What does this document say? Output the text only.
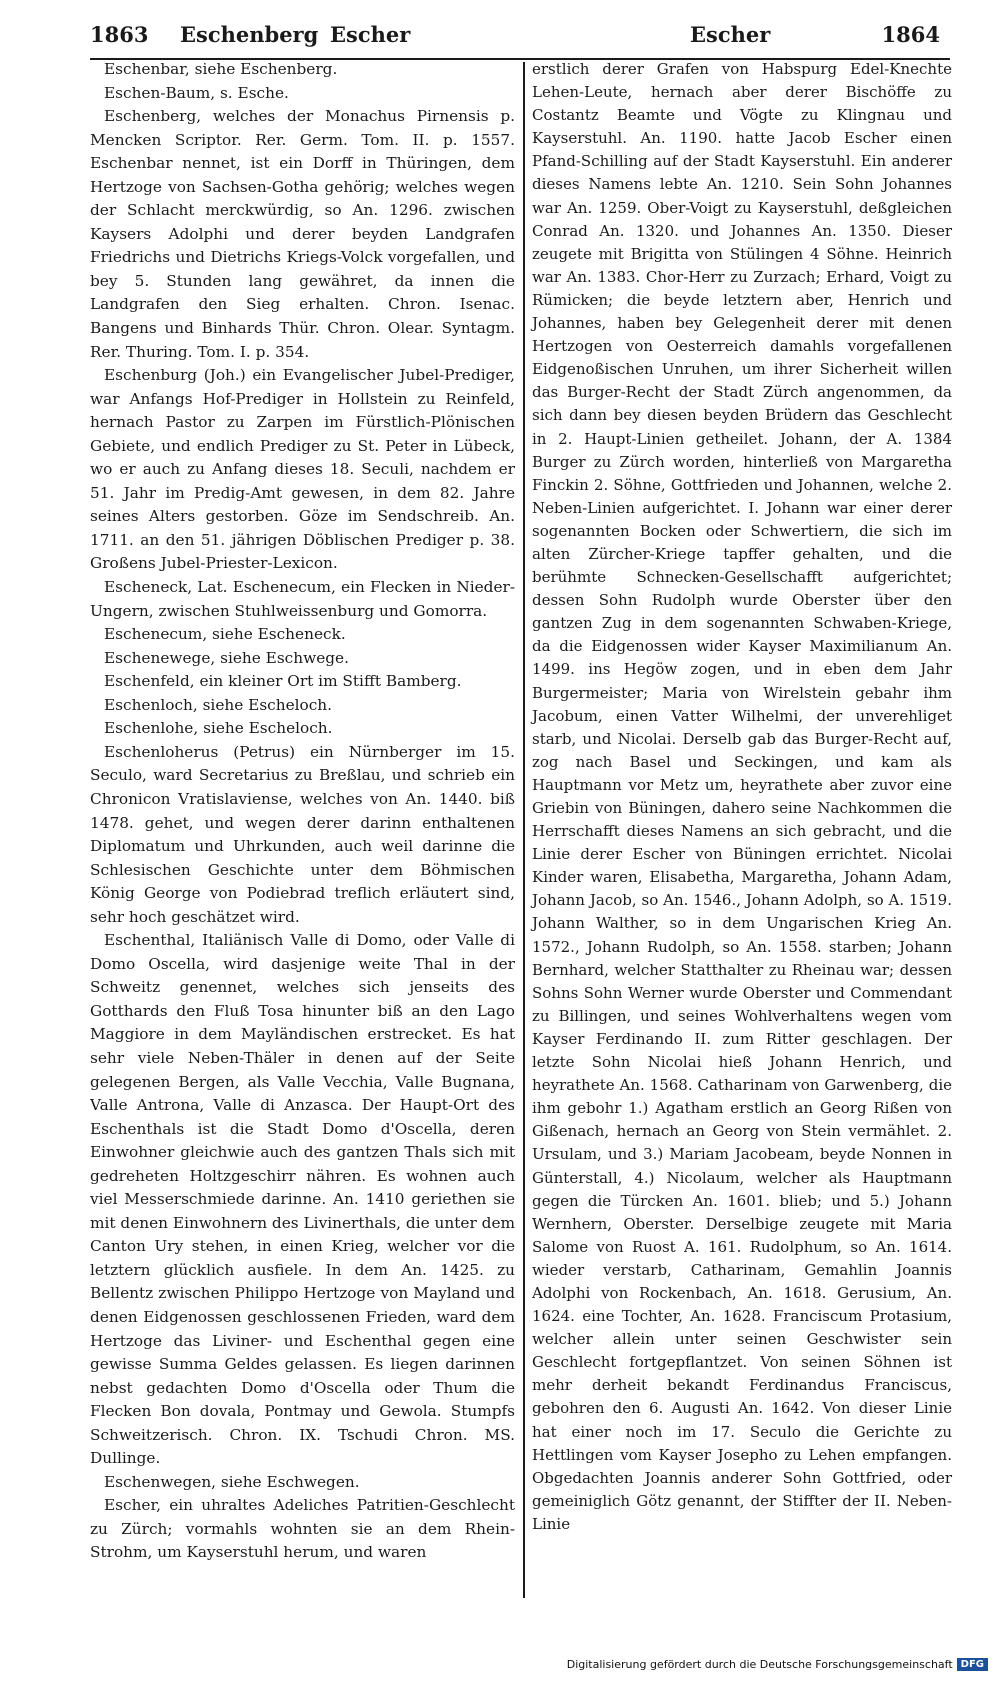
1863 Eschenberg Escher	Escher	1864

Eschenbar, siehe Eschenberg.

Eschen-Baum, s. Esche.

Eschenberg, welches der Monachus Pirnensis p. Mencken Scriptor. Rer. Germ. Tom. II. p. 1557. Eschenbar nennet, ist ein Dorff in Thüringen, dem Hertzoge von Sachsen-Gotha gehörig; welches wegen der Schlacht merckwürdig, so An. 1296. zwischen Kaysers Adolphi und derer beyden Landgrafen Friedrichs und Dietrichs Kriegs-Volck vorgefallen, und bey 5. Stunden lang gewähret, da innen die Landgrafen den Sieg erhalten. Chron. Isenac. Bangens und Binhards Thür. Chron. Olear. Syntagm. Rer. Thuring. Tom. I. p. 354.

Eschenburg (Joh.) ein Evangelischer Jubel-Prediger, war Anfangs Hof-Prediger in Hollstein zu Reinfeld, hernach Pastor zu Zarpen im Fürstlich-Plönischen Gebiete, und endlich Prediger zu St. Peter in Lübeck, wo er auch zu Anfang dieses 18. Seculi, nachdem er 51. Jahr im Predig-Amt gewesen, in dem 82. Jahre seines Alters gestorben. Göze im Sendschreib. An. 1711. an den 51. jährigen Döblischen Prediger p. 38. Großens Jubel-Priester-Lexicon.

Escheneck, Lat. Eschenecum, ein Flecken in Nieder-Ungern, zwischen Stuhlweissenburg und Gomorra.

Eschenecum, siehe Escheneck.

Eschenewege, siehe Eschwege.

Eschenfeld, ein kleiner Ort im Stifft Bamberg.

Eschenloch, siehe Escheloch.

Eschenlohe, siehe Escheloch.

Eschenloherus (Petrus) ein Nürnberger im 15. Seculo, ward Secretarius zu Breßlau, und schrieb ein Chronicon Vratislaviense, welches von An. 1440. biß 1478. gehet, und wegen derer darinn enthaltenen Diplomatum und Uhrkunden, auch weil darinne die Schlesischen Geschichte unter dem Böhmischen König George von Podiebrad treflich erläutert sind, sehr hoch geschätzet wird.

Eschenthal, Italiänisch Valle di Domo, oder Valle di Domo Oscella, wird dasjenige weite Thal in der Schweitz genennet, welches sich jenseits des Gotthards den Fluß Tosa hinunter biß an den Lago Maggiore in dem Mayländischen erstrecket. Es hat sehr viele Neben-Thäler in denen auf der Seite gelegenen Bergen, als Valle Vecchia, Valle Bugnana, Valle Antrona, Valle di Anzasca. Der Haupt-Ort des Eschenthals ist die Stadt Domo d'Oscella, deren Einwohner gleichwie auch des gantzen Thals sich mit gedreheten Holtzgeschirr nähren. Es wohnen auch viel Messerschmiede darinne. An. 1410 geriethen sie mit denen Einwohnern des Livinerthals, die unter dem Canton Ury stehen, in einen Krieg, welcher vor die letztern glücklich ausfiele. In dem An. 1425. zu Bellentz zwischen Philippo Hertzoge von Mayland und denen Eidgenossen geschlossenen Frieden, ward dem Hertzoge das Liviner- und Eschenthal gegen eine gewisse Summa Geldes gelassen. Es liegen darinnen nebst gedachten Domo d'Oscella oder Thum die Flecken Bon dovala, Pontmay und Gewola. Stumpfs Schweitzerisch. Chron. IX. Tschudi Chron. MS. Dullinge.

Eschenwegen, siehe Eschwegen.

Escher, ein uhraltes Adeliches Patritien-Geschlecht zu Zürch; vormahls wohnten sie an dem Rhein-Strohm, um Kayserstuhl herum, und waren

erstlich derer Grafen von Habspurg Edel-Knechte Lehen-Leute, hernach aber derer Bischöffe zu Costantz Beamte und Vögte zu Klingnau und Kayserstuhl. An. 1190. hatte Jacob Escher einen Pfand-Schilling auf der Stadt Kayserstuhl. Ein anderer dieses Namens lebte An. 1210. Sein Sohn Johannes war An. 1259. Ober-Voigt zu Kayserstuhl, deßgleichen Conrad An. 1320. und Johannes An. 1350. Dieser zeugete mit Brigitta von Stülingen 4 Söhne. Heinrich war An. 1383. Chor-Herr zu Zurzach; Erhard, Voigt zu Rümicken; die beyde letztern aber, Henrich und Johannes, haben bey Gelegenheit derer mit denen Hertzogen von Oesterreich damahls vorgefallenen Eidgenoßischen Unruhen, um ihrer Sicherheit willen das Burger-Recht der Stadt Zürch angenommen, da sich dann bey diesen beyden Brüdern das Geschlecht in 2. Haupt-Linien getheilet. Johann, der A. 1384 Burger zu Zürch worden, hinterließ von Margaretha Finckin 2. Söhne, Gottfrieden und Johannen, welche 2. Neben-Linien aufgerichtet. I. Johann war einer derer sogenannten Bocken oder Schwertiern, die sich im alten Zürcher-Kriege tapffer gehalten, und die berühmte Schnecken-Gesellschafft aufgerichtet; dessen Sohn Rudolph wurde Oberster über den gantzen Zug in dem sogenannten Schwaben-Kriege, da die Eidgenossen wider Kayser Maximilianum An. 1499. ins Hegöw zogen, und in eben dem Jahr Burgermeister; Maria von Wirelstein gebahr ihm Jacobum, einen Vatter Wilhelmi, der unverehliget starb, und Nicolai. Derselb gab das Burger-Recht auf, zog nach Basel und Seckingen, und kam als Hauptmann vor Metz um, heyrathete aber zuvor eine Griebin von Büningen, dahero seine Nachkommen die Herrschafft dieses Namens an sich gebracht, und die Linie derer Escher von Büningen errichtet. Nicolai Kinder waren, Elisabetha, Margaretha, Johann Adam, Johann Jacob, so An. 1546., Johann Adolph, so A. 1519. Johann Walther, so in dem Ungarischen Krieg An. 1572., Johann Rudolph, so An. 1558. starben; Johann Bernhard, welcher Statthalter zu Rheinau war; dessen Sohns Sohn Werner wurde Oberster und Commendant zu Billingen, und seines Wohlverhaltens wegen vom Kayser Ferdinando II. zum Ritter geschlagen. Der letzte Sohn Nicolai hieß Johann Henrich, und heyrathete An. 1568. Catharinam von Garwenberg, die ihm gebohr 1.) Agatham erstlich an Georg Rißen von Gißenach, hernach an Georg von Stein vermählet. 2. Ursulam, und 3.) Mariam Jacobeam, beyde Nonnen in Günterstall, 4.) Nicolaum, welcher als Hauptmann gegen die Türcken An. 1601. blieb; und 5.) Johann Wernhern, Oberster. Derselbige zeugete mit Maria Salome von Ruost A. 161. Rudolphum, so An. 1614. wieder verstarb, Catharinam, Gemahlin Joannis Adolphi von Rockenbach, An. 1618. Gerusium, An. 1624. eine Tochter, An. 1628. Franciscum Protasium, welcher allein unter seinen Geschwister sein Geschlecht fortgepflantzet. Von seinen Söhnen ist mehr derheit bekandt Ferdinandus Franciscus, gebohren den 6. Augusti An. 1642. Von dieser Linie hat einer noch im 17. Seculo die Gerichte zu Hettlingen vom Kayser Josepho zu Lehen empfangen. Obgedachten Joannis anderer Sohn Gottfried, oder gemeiniglich Götz genannt, der Stiffter der II. Neben-Linie

Digitalisierung gefördert durch die Deutsche Forschungsgemeinschaft DFG
